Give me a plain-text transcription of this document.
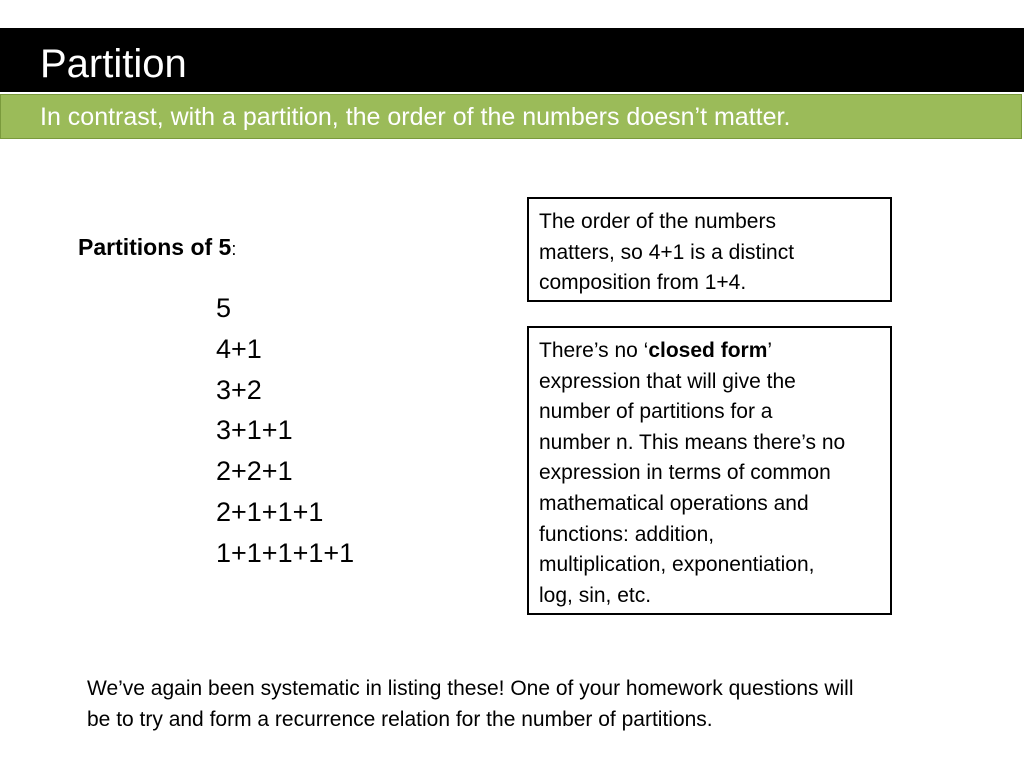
Partition
In contrast, with a partition, the order of the numbers doesn’t matter.
Partitions of 5:
5
4+1
3+2
3+1+1
2+2+1
2+1+1+1
1+1+1+1+1
The order of the numbers
matters, so 4+1 is a distinct
composition from 1+4.
There’s no ‘closed form’
expression that will give the
number of partitions for a
number n. This means there’s no
expression in terms of common
mathematical operations and
functions: addition,
multiplication, exponentiation,
log, sin, etc.
We’ve again been systematic in listing these! One of your homework questions will
be to try and form a recurrence relation for the number of partitions.
